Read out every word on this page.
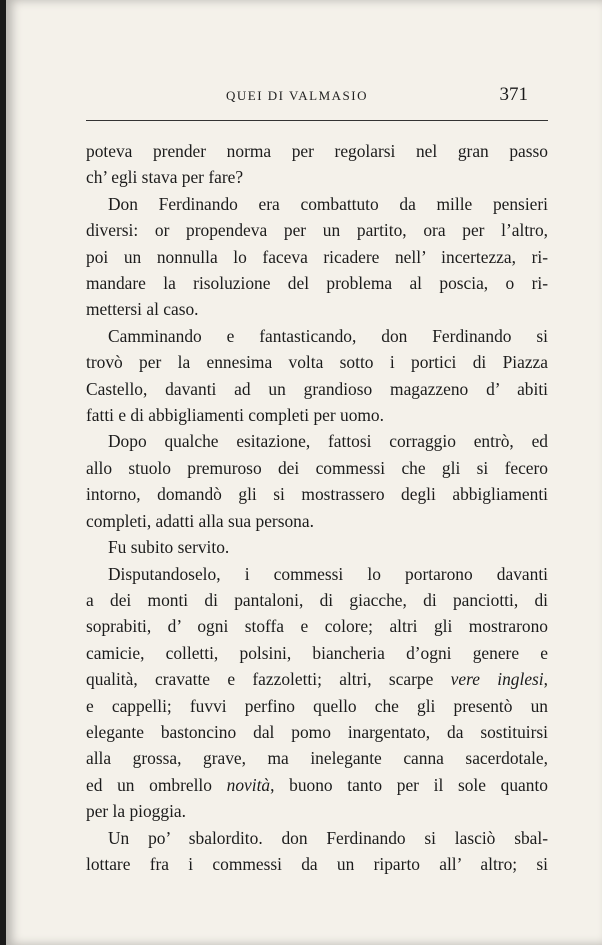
QUEI DI VALMASIO	371

poteva prender norma per regolarsi nel gran passo

ch’ egli stava per fare?

Don Ferdinando era combattuto da mille pensieri

diversi: or propendeva per un partito, ora per l’altro,

poi un nonnulla lo faceva ricadere nell’ incertezza, ri-

mandare la risoluzione del problema al poscia, o ri-

mettersi al caso.

Camminando e fantasticando, don Ferdinando si

trovò per la ennesima volta sotto i portici di Piazza

Castello, davanti ad un grandioso magazzeno d’ abiti

fatti e di abbigliamenti completi per uomo.

Dopo qualche esitazione, fattosi corraggio entrò, ed

allo stuolo premuroso dei commessi che gli si fecero

intorno, domandò gli si mostrassero degli abbigliamenti

completi, adatti alla sua persona.

Fu subito servito.

Disputandoselo, i commessi lo portarono davanti

a dei monti di pantaloni, di giacche, di panciotti, di

soprabiti, d’ ogni stoffa e colore; altri gli mostrarono

camicie, colletti, polsini, biancheria d’ogni genere e

qualità, cravatte e fazzoletti; altri, scarpe vere inglesi,

e cappelli; fuvvi perfino quello che gli presentò un

elegante bastoncino dal pomo inargentato, da sostituirsi

alla grossa, grave, ma inelegante canna sacerdotale,

ed un ombrello novità, buono tanto per il sole quanto

per la pioggia.

Un po’ sbalordito. don Ferdinando si lasciò sbal-

lottare fra i commessi da un riparto all’ altro; si
